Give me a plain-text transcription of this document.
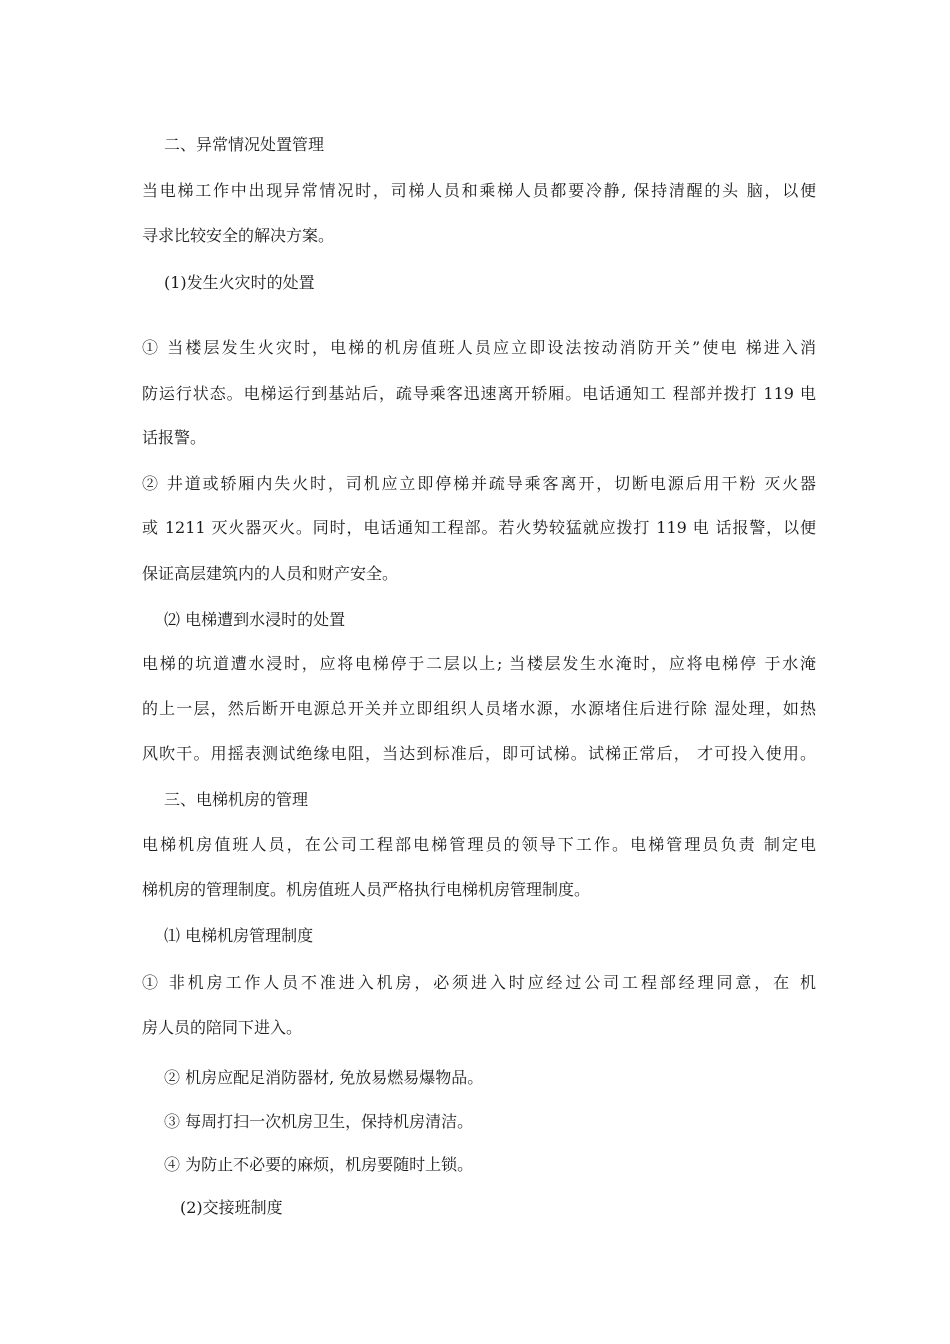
二、异常情况处置管理
当电梯工作中出现异常情况时，司梯人员和乘梯人员都要冷静, 保持清醒的头 脑，以便
寻求比较安全的解决方案。
(1)发生火灾时的处置
① 当楼层发生火灾时，电梯的机房值班人员应立即设法按动消防开关”使电 梯进入消
防运行状态。电梯运行到基站后，疏导乘客迅速离开轿厢。电话通知工 程部并拨打 119 电
话报警。
② 井道或轿厢内失火时，司机应立即停梯并疏导乘客离开，切断电源后用干粉 灭火器
或 1211 灭火器灭火。同时，电话通知工程部。若火势较猛就应拨打 119 电 话报警，以便
保证高层建筑内的人员和财产安全。
⑵ 电梯遭到水浸时的处置
电梯的坑道遭水浸时，应将电梯停于二层以上; 当楼层发生水淹时，应将电梯停 于水淹
的上一层，然后断开电源总开关并立即组织人员堵水源，水源堵住后进行除 湿处理，如热
风吹干。用摇表测试绝缘电阻，当达到标准后，即可试梯。试梯正常后， 才可投入使用。
三、电梯机房的管理
电梯机房值班人员，在公司工程部电梯管理员的领导下工作。电梯管理员负责 制定电
梯机房的管理制度。机房值班人员严格执行电梯机房管理制度。
⑴ 电梯机房管理制度
① 非机房工作人员不准进入机房，必须进入时应经过公司工程部经理同意，在 机
房人员的陪同下进入。
② 机房应配足消防器材, 免放易燃易爆物品。
③ 每周打扫一次机房卫生，保持机房清洁。
④ 为防止不必要的麻烦，机房要随时上锁。
(2)交接班制度
